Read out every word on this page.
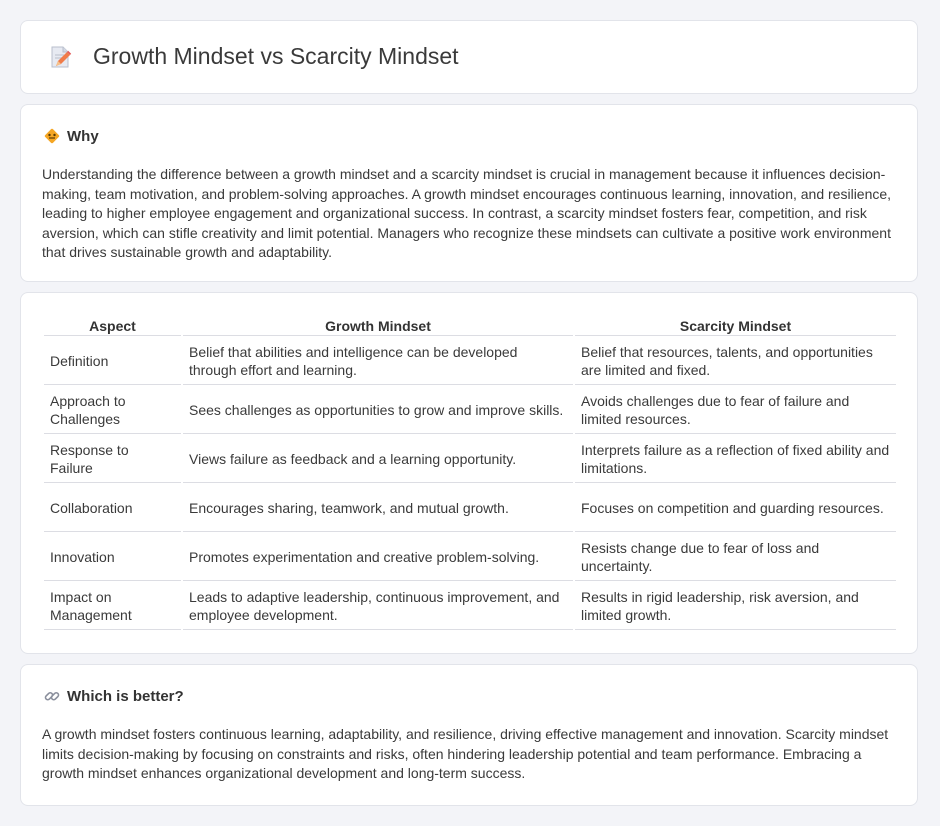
Growth Mindset vs Scarcity Mindset
Why

Understanding the difference between a growth mindset and a scarcity mindset is crucial in management because it influences decision-making, team motivation, and problem-solving approaches. A growth mindset encourages continuous learning, innovation, and resilience, leading to higher employee engagement and organizational success. In contrast, a scarcity mindset fosters fear, competition, and risk aversion, which can stifle creativity and limit potential. Managers who recognize these mindsets can cultivate a positive work environment that drives sustainable growth and adaptability.

Aspect	Growth Mindset	Scarcity Mindset
Definition	Belief that abilities and intelligence can be developed through effort and learning.	Belief that resources, talents, and opportunities are limited and fixed.
Approach to Challenges	Sees challenges as opportunities to grow and improve skills.	Avoids challenges due to fear of failure and limited resources.
Response to Failure	Views failure as feedback and a learning opportunity.	Interprets failure as a reflection of fixed ability and limitations.
Collaboration	Encourages sharing, teamwork, and mutual growth.	Focuses on competition and guarding resources.
Innovation	Promotes experimentation and creative problem-solving.	Resists change due to fear of loss and uncertainty.
Impact on Management	Leads to adaptive leadership, continuous improvement, and employee development.	Results in rigid leadership, risk aversion, and limited growth.
Which is better?

A growth mindset fosters continuous learning, adaptability, and resilience, driving effective management and innovation. Scarcity mindset limits decision-making by focusing on constraints and risks, often hindering leadership potential and team performance. Embracing a growth mindset enhances organizational development and long-term success.
